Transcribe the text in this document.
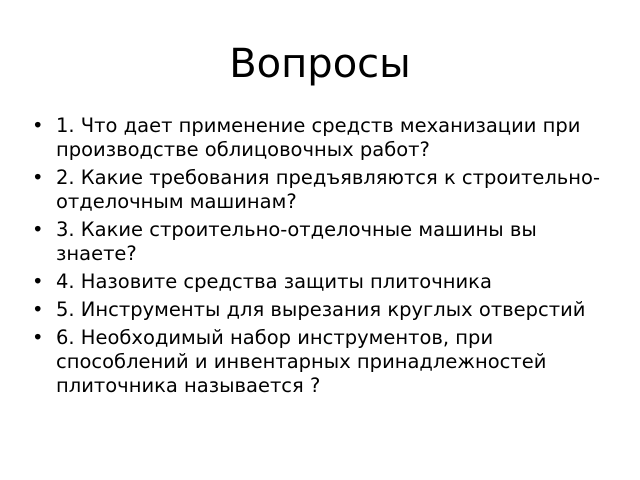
Вопросы
• 1. Что дает применение средств механизации при производстве облицовочных работ?
• 2. Какие требования предъявляются к строительно-отделочным машинам?
• 3. Какие строительно-отделочные машины вы знаете?
• 4. Назовите средства защиты плиточника
• 5. Инструменты для вырезания круглых отверстий
• 6. Необходимый набор инструментов, при способлений и инвентарных принадлежностей плиточника называется ?
